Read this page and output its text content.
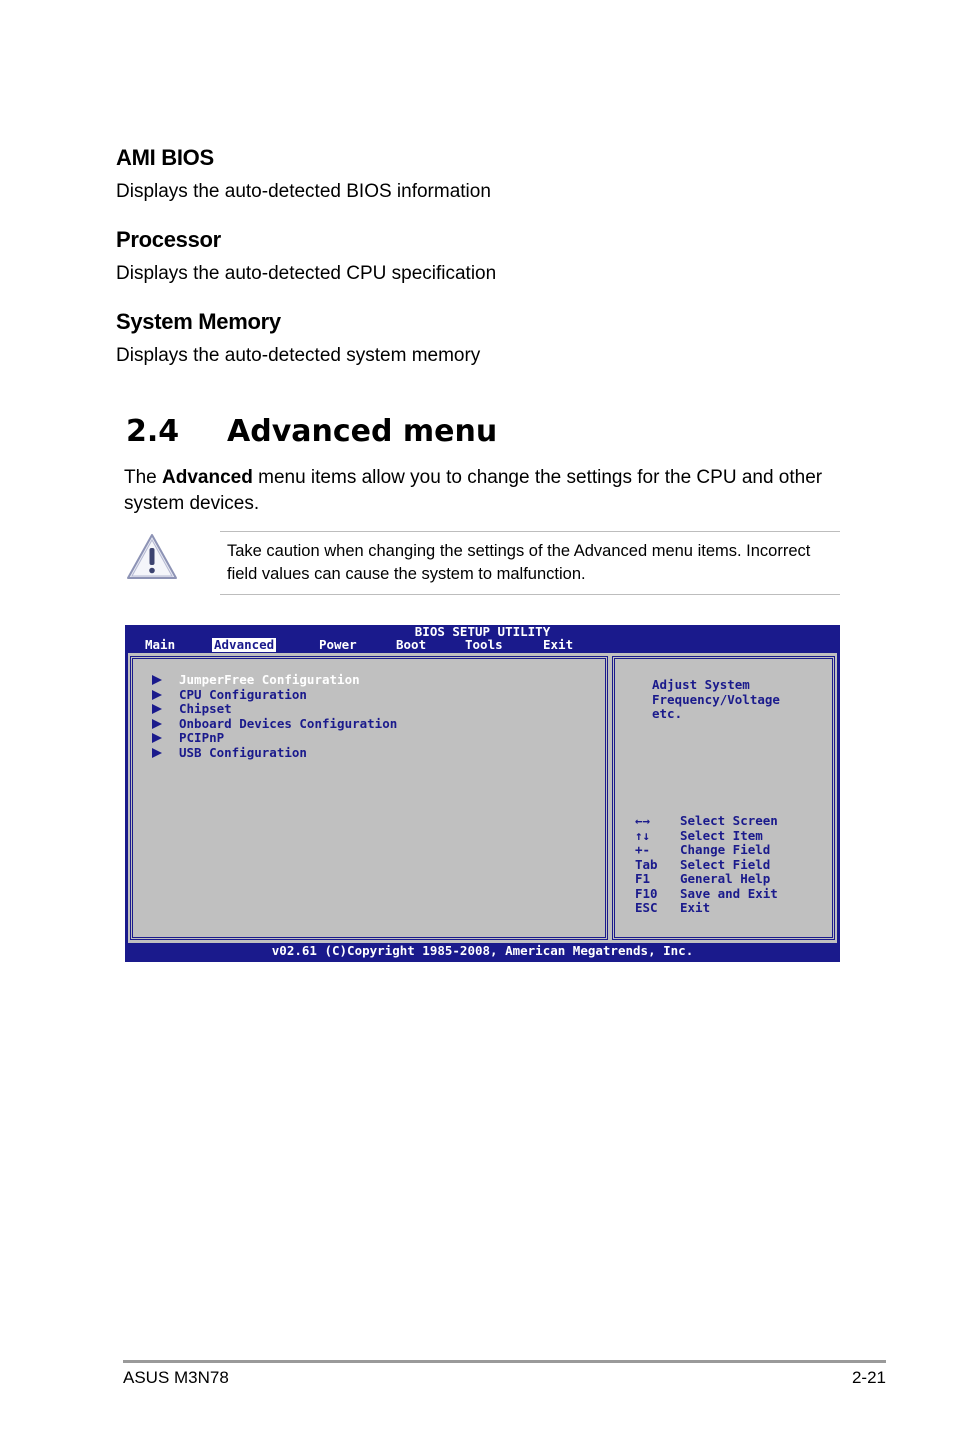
AMI BIOS
Displays the auto-detected BIOS information
Processor
Displays the auto-detected CPU specification
System Memory
Displays the auto-detected system memory
2.4 Advanced menu
The Advanced menu items allow you to change the settings for the CPU and other system devices.
Take caution when changing the settings of the Advanced menu items. Incorrect field values can cause the system to malfunction.
BIOS SETUP UTILITY

Main

	Advanced

	Power

	Boot

	Tools

	Exit

JumperFree Configuration

CPU Configuration

Chipset

Onboard Devices Configuration

PCIPnP

USB Configuration

Adjust System
Frequency/Voltage
etc.
←→ Select Screen
↑↓ Select Item
+- Change Field
Tab Select Field
F1 General Help
F10 Save and Exit
ESC Exit
v02.61 (C)Copyright 1985-2008, American Megatrends, Inc.
ASUS M3N78	2-21
